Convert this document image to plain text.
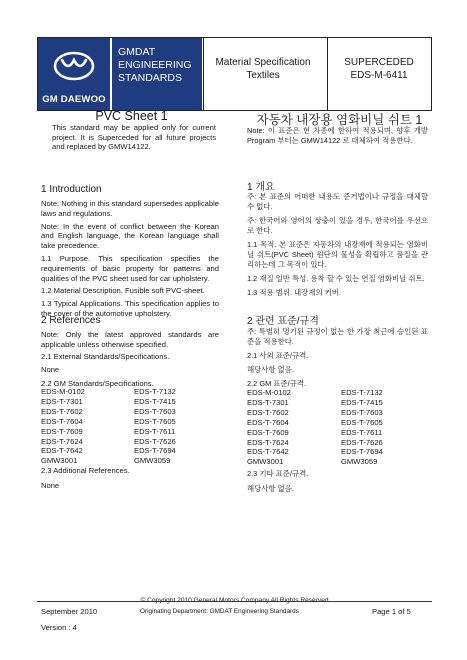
GM DAEWOO
GMDAT
ENGINEERING
STANDARDS
Material Specification
Textiles
SUPERCEDED
EDS-M-6411
PVC Sheet 1
This standard may be applied only for current project. It is Superceded for all future projects and replaced by GMW14122.
1 Introduction
Note: Nothing in this standard supersedes applicable laws and regulations.
Note: In the event of conflict between the Korean and English language, the Korean language shall take precedence.
1.1 Purpose. This specification specifies the requirements of basic property for patterns and qualities of the PVC sheet used for car upholstery.
1.2 Material Description. Fusible soft PVC-sheet.
1.3 Typical Applications. This specification applies to the cover of the automotive upholstery.
2 References
Note: Only the latest approved standards are applicable unless otherwise specified.
2.1 External Standards/Specifications.
None
2.2 GM Standards/Specifications.
EDS-M-0102
EDS-T-7301
EDS-T-7602
EDS-T-7604
EDS-T-7609
EDS-T-7624
EDS-T-7642
GMW3001
EDS-T-7132
EDS-T-7415
EDS-T-7603
EDS-T-7605
EDS-T-7611
EDS-T-7626
EDS-T-7694
GMW3059
2.3 Additional References.
None
자동차 내장용 염화비닐 쉬트 1
Note: 이 표준은 현 차종에 한하여 적용되며, 향후 개발 Program 부터는 GMW14122 로 대체하여 적용한다.
1 개요
주: 본 표준의 어떠한 내용도 준거법이나 규정을 대체할 수 없다.
주: 한국어와 영어의 상충이 있을 경우, 한국어를 우선으로 한다.
1.1 목적. 본 표준은 자동차의 내장재에 적용되는 염화비닐 쉬트(PVC Sheet) 원단의 물성을 확립하고 품질을 관리하는데 그 목적이 있다.
1.2 재질 일반 특성. 용착 할 수 있는 연질 염화비닐 쉬트.
1.3 적용 범위. 내장재의 커버.
2 관련 표준/규격
주: 특별히 명기된 규정이 없는 한 가장 최근에 승인된 표준을 적용한다.
2.1 사외 표준/규격.
해당사항 없음.
2.2 GM 표준/규격.
EDS-M-0102
EDS-T-7301
EDS-T-7602
EDS-T-7604
EDS-T-7609
EDS-T-7624
EDS-T-7642
GMW3001
EDS-T-7132
EDS-T-7415
EDS-T-7603
EDS-T-7605
EDS-T-7611
EDS-T-7626
EDS-T-7694
GMW3059
2.3 기타 표준/규격.
해당사항 없음.
September 2010	Originating Department: GMDAT Engineering Standards	Page 1 of 5
Version : 4
